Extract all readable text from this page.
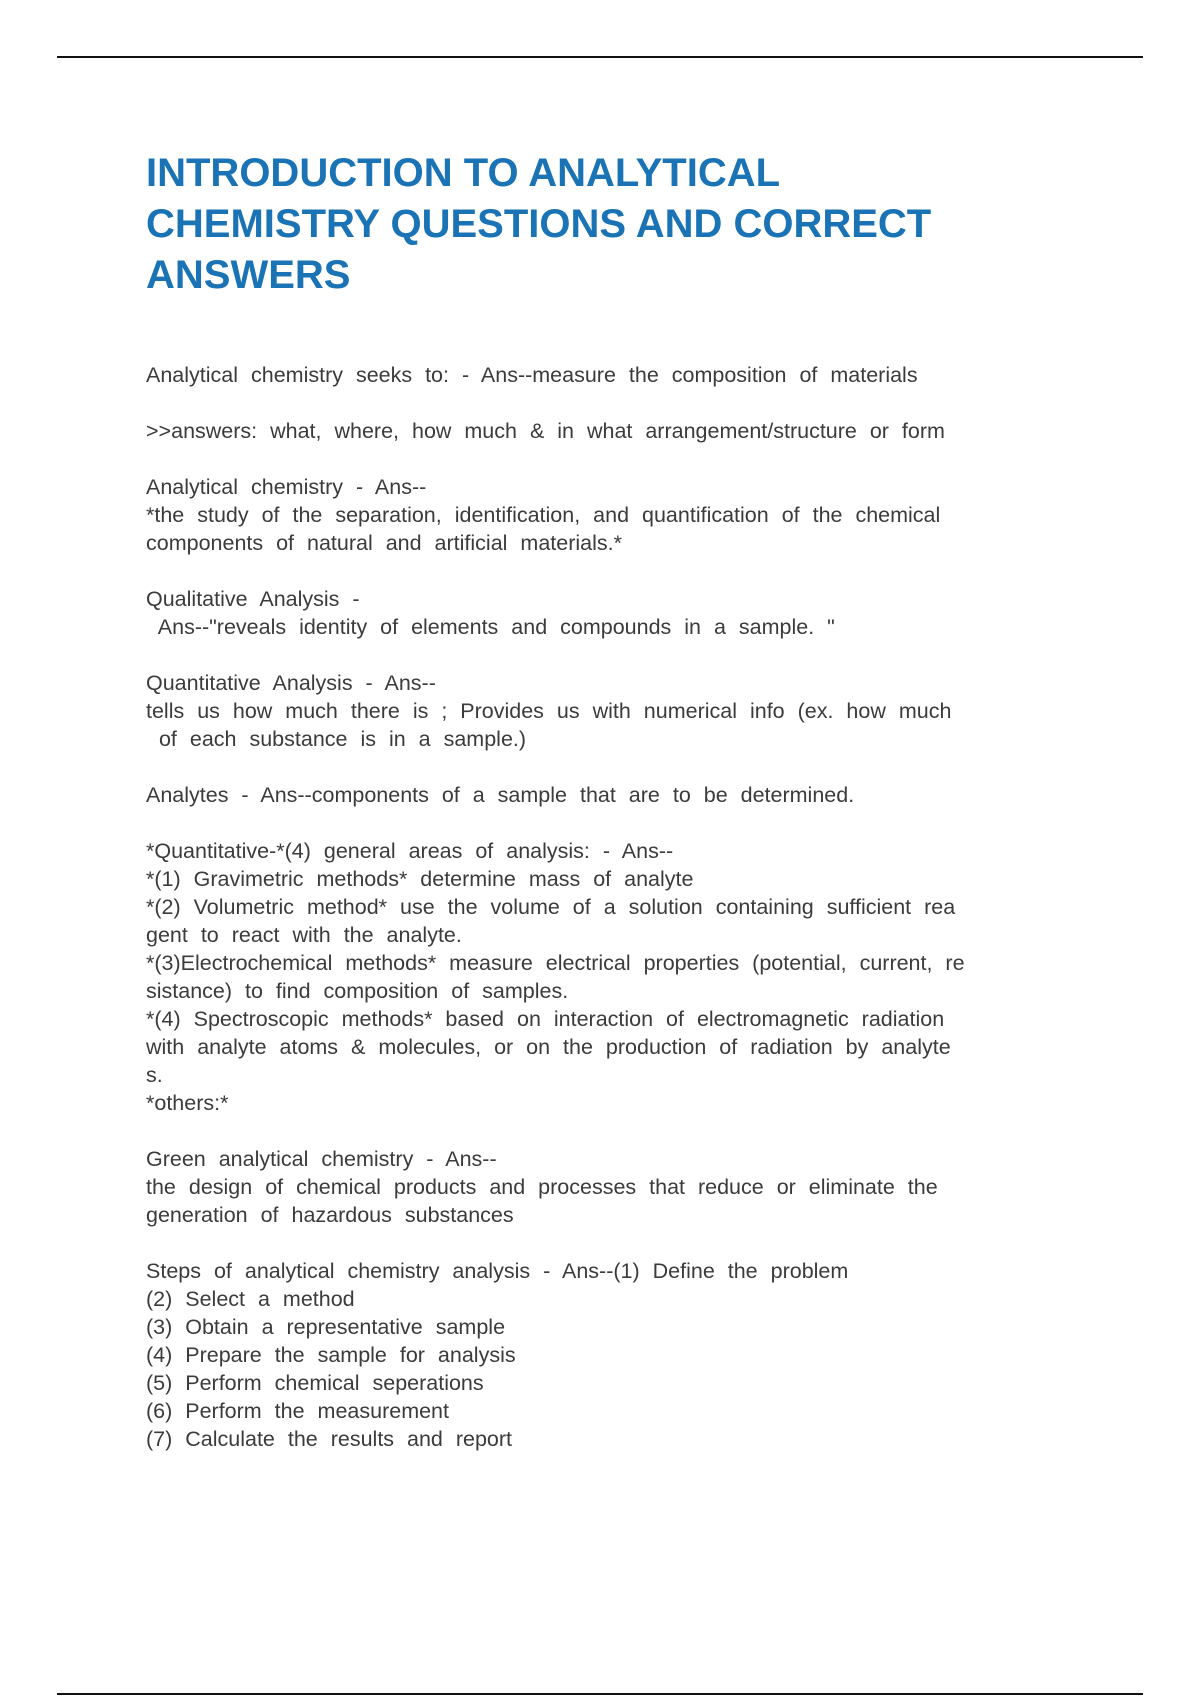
INTRODUCTION TO ANALYTICAL
CHEMISTRY QUESTIONS AND CORRECT
ANSWERS

Analytical chemistry seeks to: - Ans--measure the composition of materials

>>answers: what, where, how much & in what arrangement/structure or form

Analytical chemistry - Ans--
*the study of the separation, identification, and quantification of the chemical
components of natural and artificial materials.*

Qualitative Analysis -
Ans--"reveals identity of elements and compounds in a sample. "

Quantitative Analysis - Ans--
tells us how much there is ; Provides us with numerical info (ex. how much
of each substance is in a sample.)

Analytes - Ans--components of a sample that are to be determined.

*Quantitative-*(4) general areas of analysis: - Ans--
*(1) Gravimetric methods* determine mass of analyte
*(2) Volumetric method* use the volume of a solution containing sufficient rea
gent to react with the analyte.
*(3)Electrochemical methods* measure electrical properties (potential, current, re
sistance) to find composition of samples.
*(4) Spectroscopic methods* based on interaction of electromagnetic radiation
with analyte atoms & molecules, or on the production of radiation by analyte
s.
*others:*

Green analytical chemistry - Ans--
the design of chemical products and processes that reduce or eliminate the
generation of hazardous substances

Steps of analytical chemistry analysis - Ans--(1) Define the problem
(2) Select a method
(3) Obtain a representative sample
(4) Prepare the sample for analysis
(5) Perform chemical seperations
(6) Perform the measurement
(7) Calculate the results and report
